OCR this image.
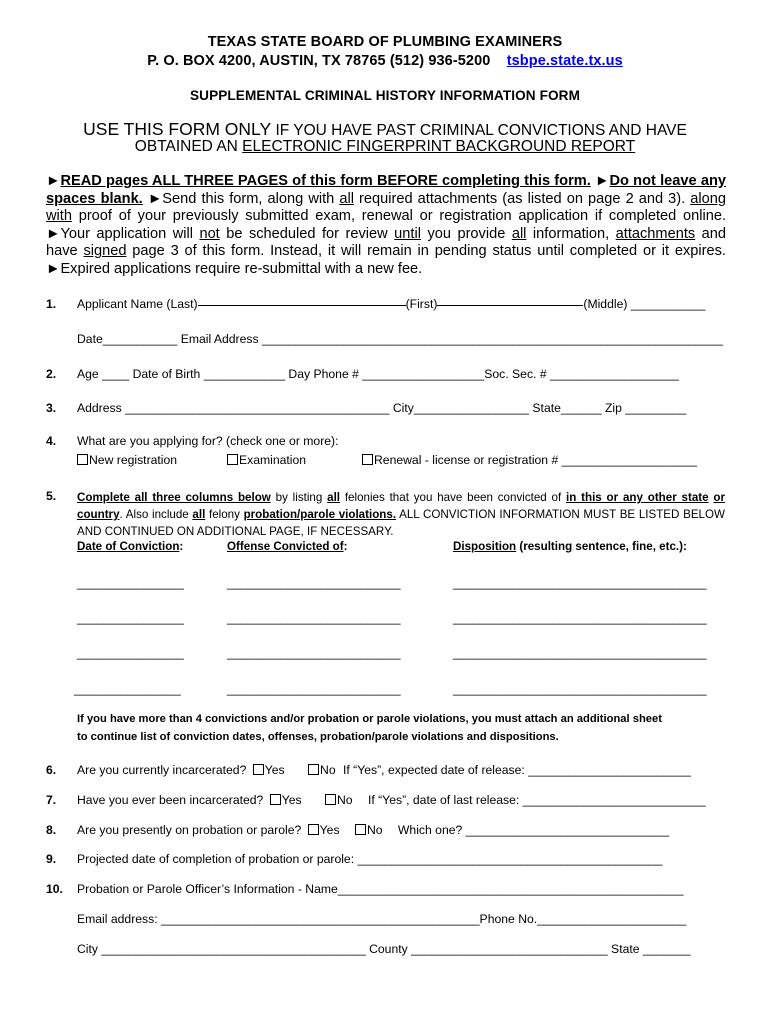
TEXAS STATE BOARD OF PLUMBING EXAMINERS
P. O. BOX 4200, AUSTIN, TX 78765 (512) 936-5200 tsbpe.state.tx.us
SUPPLEMENTAL CRIMINAL HISTORY INFORMATION FORM
USE THIS FORM ONLY IF YOU HAVE PAST CRIMINAL CONVICTIONS AND HAVE
OBTAINED AN ELECTRONIC FINGERPRINT BACKGROUND REPORT
►READ pages ALL THREE PAGES of this form BEFORE completing this form. ►Do not leave any spaces blank. ►Send this form, along with all required attachments (as listed on page 2 and 3). along with proof of your previously submitted exam, renewal or registration application if completed online. ►Your application will not be scheduled for review until you provide all information, attachments and have signed page 3 of this form. Instead, it will remain in pending status until completed or it expires. ►Expired applications require re-submittal with a new fee.
1. Applicant Name (Last)	(First)	(Middle) ___________
Date___________ Email Address ____________________________________________________________________
2. Age ____ Date of Birth ____________ Day Phone # __________________Soc. Sec. # ___________________
3. Address _______________________________________ City_________________ State______ Zip _________
4. What are you applying for? (check one or more):
New registration	Examination	Renewal - license or registration # ____________________
5. Complete all three columns below by listing all felonies that you have been convicted of in this or any other state or country. Also include all felony probation/parole violations. ALL CONVICTION INFORMATION MUST BE LISTED BELOW AND CONTINUED ON ADDITIONAL PAGE, IF NECESSARY.
Date of Conviction:	Offense Convicted of:	Disposition (resulting sentence, fine, etc.):
________________	__________________________	______________________________________
________________	__________________________	______________________________________
________________	__________________________	______________________________________
________________	__________________________	______________________________________
If you have more than 4 convictions and/or probation or parole violations, you must attach an additional sheet
to continue list of conviction dates, offenses, probation/parole violations and dispositions.
6. Are you currently incarcerated? Yes	No If “Yes”, expected date of release: ________________________
7. Have you ever been incarcerated? Yes	No If “Yes”, date of last release: ___________________________
8. Are you presently on probation or parole? Yes No Which one? ______________________________
9. Projected date of completion of probation or parole: _____________________________________________
10. Probation or Parole Officer’s Information - Name___________________________________________________
Email address: _______________________________________________Phone No.______________________
City _______________________________________ County _____________________________ State _______
